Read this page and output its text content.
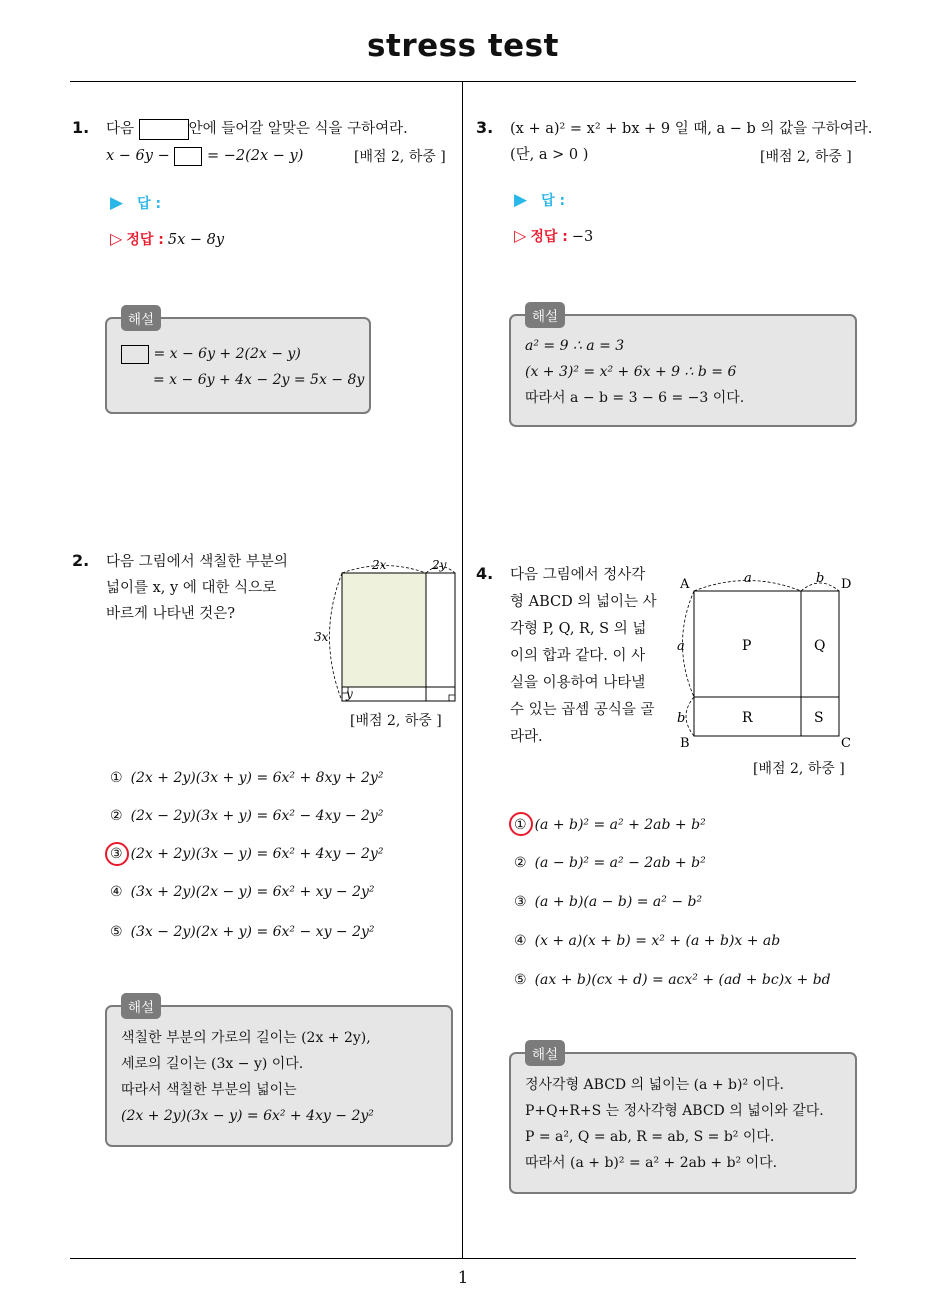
stress test
1
1. 다음	안에 들어갈 알맞은 식을 구하여라.
x − 6y −	= −2(2x − y)	[배점 2, 하중 ]
▶ 답 :
▷ 정답 : 5x − 8y
해설
= x − 6y + 2(2x − y)
= x − 6y + 4x − 2y = 5x − 8y
2. 다음 그림에서 색칠한 부분의
넓이를 x, y 에 대한 식으로
바르게 나타낸 것은?
2x	2y
3x
y
[배점 2, 하중 ]
① (2x + 2y)(3x + y) = 6x² + 8xy + 2y²
② (2x − 2y)(3x + y) = 6x² − 4xy − 2y²
③ (2x + 2y)(3x − y) = 6x² + 4xy − 2y²
④ (3x + 2y)(2x − y) = 6x² + xy − 2y²
⑤ (3x − 2y)(2x + y) = 6x² − xy − 2y²
해설
색칠한 부분의 가로의 길이는 (2x + 2y),
세로의 길이는 (3x − y) 이다.
따라서 색칠한 부분의 넓이는
(2x + 2y)(3x − y) = 6x² + 4xy − 2y²
3. (x + a)² = x² + bx + 9 일 때, a − b 의 값을 구하여라.
(단, a > 0 )	[배점 2, 하중 ]
▶ 답 :
▷ 정답 : −3
해설
a² = 9 ∴ a = 3
(x + 3)² = x² + 6x + 9 ∴ b = 6
따라서 a − b = 3 − 6 = −3 이다.
4. 다음 그림에서 정사각
형 ABCD 의 넓이는 사
각형 P, Q, R, S 의 넓
이의 합과 같다. 이 사
실을 이용하여 나타낼
수 있는 곱셈 공식을 골
라라.
A	D
B	C
a	b
a
b
P	Q
R	S
[배점 2, 하중 ]
① (a + b)² = a² + 2ab + b²
② (a − b)² = a² − 2ab + b²
③ (a + b)(a − b) = a² − b²
④ (x + a)(x + b) = x² + (a + b)x + ab
⑤ (ax + b)(cx + d) = acx² + (ad + bc)x + bd
해설
정사각형 ABCD 의 넓이는 (a + b)² 이다.
P+Q+R+S 는 정사각형 ABCD 의 넓이와 같다.
P = a², Q = ab, R = ab, S = b² 이다.
따라서 (a + b)² = a² + 2ab + b² 이다.
